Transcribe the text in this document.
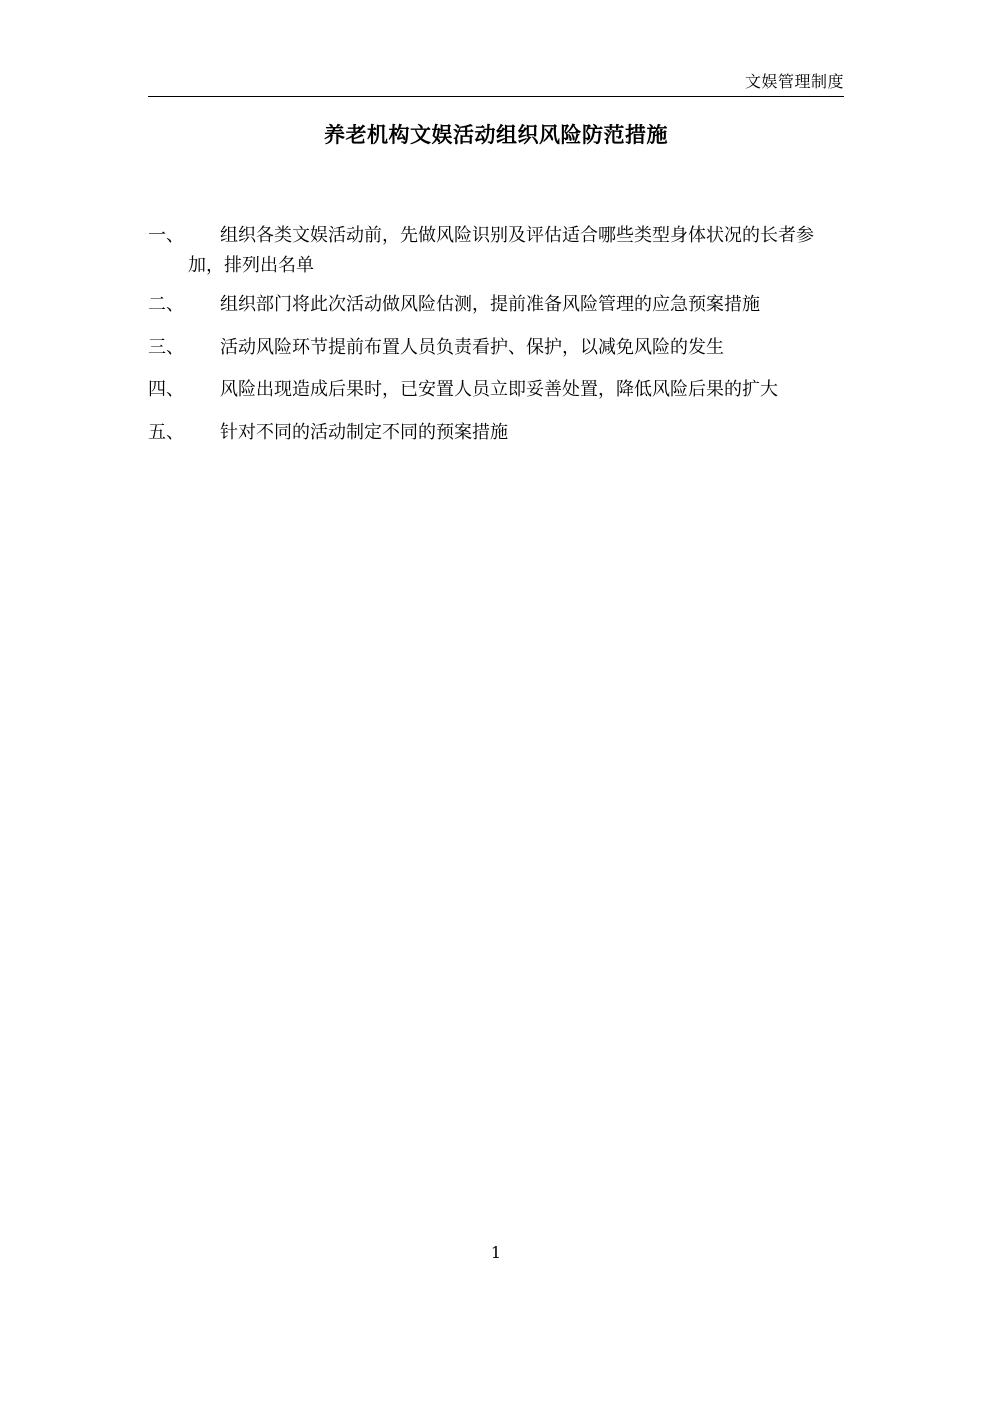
文娱管理制度
养老机构文娱活动组织风险防范措施
一、	组织各类文娱活动前，先做风险识别及评估适合哪些类型身体状况的长者参加，排列出名单
二、	组织部门将此次活动做风险估测，提前准备风险管理的应急预案措施
三、	活动风险环节提前布置人员负责看护、保护，以减免风险的发生
四、	风险出现造成后果时，已安置人员立即妥善处置，降低风险后果的扩大
五、	针对不同的活动制定不同的预案措施
1
